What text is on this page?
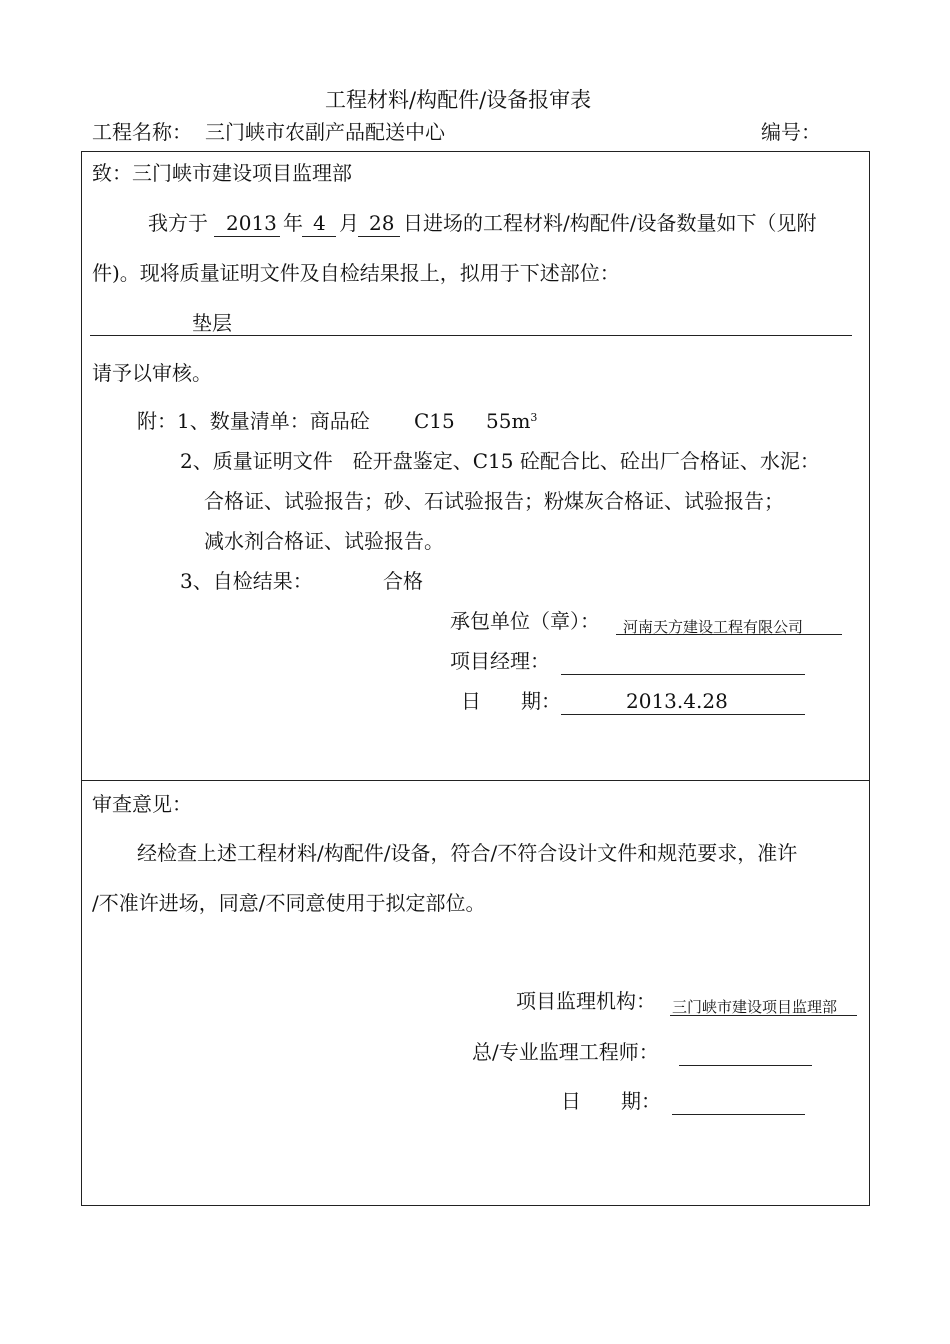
工程材料/构配件/设备报审表
工程名称： 三门峡市农副产品配送中心	编号：
致：三门峡市建设项目监理部
我方于 2013 年 4 月 28 日进场的工程材料/构配件/设备数量如下（见附
件)。现将质量证明文件及自检结果报上，拟用于下述部位：
垫层
请予以审核。
附：1、数量清单：商品砼 C15 $55m^3$
2、质量证明文件　砼开盘鉴定、C15 砼配合比、砼出厂合格证、水泥：
合格证、试验报告；砂、石试验报告；粉煤灰合格证、试验报告；
减水剂合格证、试验报告。
3、自检结果：	合格
承包单位（章）： 河南天方建设工程有限公司
项目经理：
日　　期：	2013.4.28
审查意见：
经检查上述工程材料/构配件/设备，符合/不符合设计文件和规范要求，准许
/不准许进场，同意/不同意使用于拟定部位。
项目监理机构： 三门峡市建设项目监理部
总/专业监理工程师：
日　　期：
